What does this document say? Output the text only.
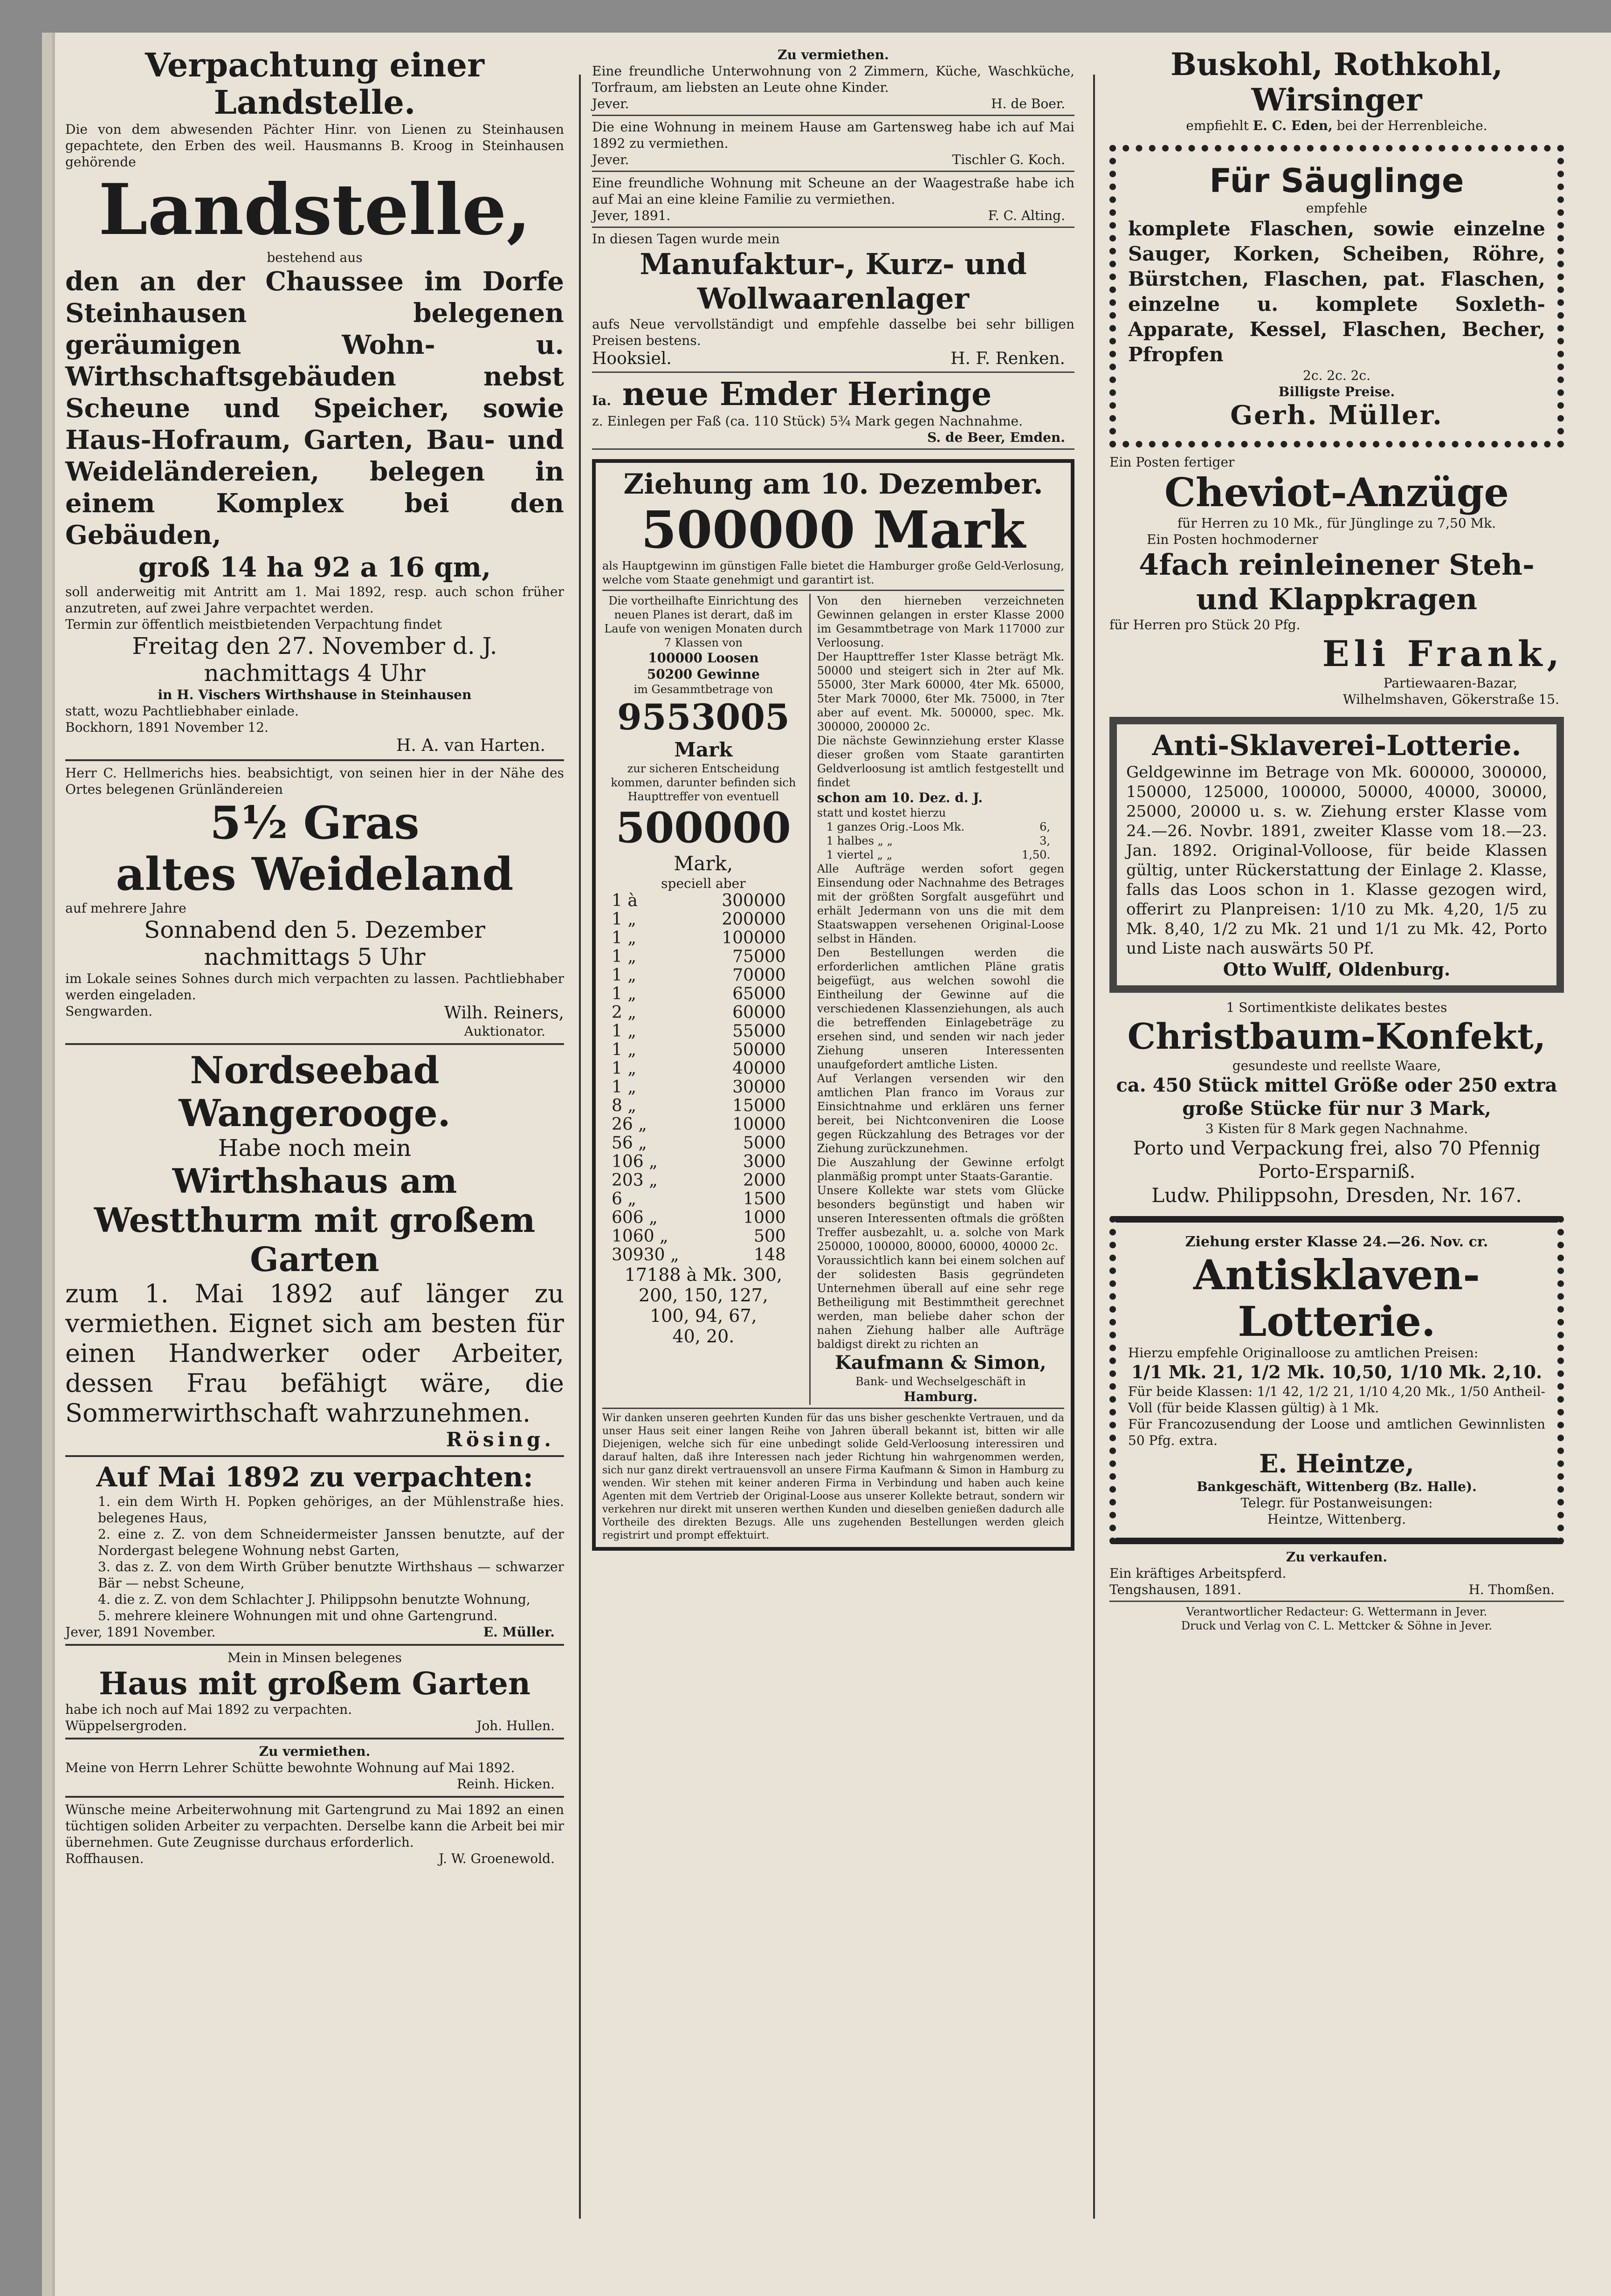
Verpachtung einer Landstelle.

Die von dem abwesenden Pächter Hinr. von Lienen zu Steinhausen gepachtete, den Erben des weil. Hausmanns B. Kroog in Steinhausen gehörende

Landstelle,

bestehend aus

den an der Chaussee im Dorfe Steinhausen belegenen geräumigen Wohn- u. Wirthschaftsgebäuden nebst Scheune und Speicher, sowie Haus-Hofraum, Garten, Bau- und Weideländereien, belegen in einem Komplex bei den Gebäuden,

groß 14 ha 92 a 16 qm,

soll anderweitig mit Antritt am 1. Mai 1892, resp. auch schon früher anzutreten, auf zwei Jahre verpachtet werden.

Termin zur öffentlich meistbietenden Verpachtung findet

Freitag den 27. November d. J.

nachmittags 4 Uhr

in H. Vischers Wirthshause in Steinhausen

statt, wozu Pachtliebhaber einlade.

Bockhorn, 1891 November 12.

H. A. van Harten.

Herr C. Hellmerichs hies. beabsichtigt, von seinen hier in der Nähe des Ortes belegenen Grünländereien

5½ Gras

altes Weideland

auf mehrere Jahre

Sonnabend den 5. Dezember

nachmittags 5 Uhr

im Lokale seines Sohnes durch mich verpachten zu lassen. Pachtliebhaber werden eingeladen.

Sengwarden.	Wilh. Reiners,

Auktionator.

Nordseebad Wangerooge.

Habe noch mein

Wirthshaus am Westthurm mit großem Garten

zum 1. Mai 1892 auf länger zu vermiethen. Eignet sich am besten für einen Handwerker oder Arbeiter, dessen Frau befähigt wäre, die Sommerwirthschaft wahrzunehmen.

Rösing.

Auf Mai 1892 zu verpachten:

1. ein dem Wirth H. Popken gehöriges, an der Mühlenstraße hies. belegenes Haus,

2. eine z. Z. von dem Schneidermeister Janssen benutzte, auf der Nordergast belegene Wohnung nebst Garten,

3. das z. Z. von dem Wirth Grüber benutzte Wirthshaus — schwarzer Bär — nebst Scheune,

4. die z. Z. von dem Schlachter J. Philippsohn benutzte Wohnung,

5. mehrere kleinere Wohnungen mit und ohne Gartengrund.

Jever, 1891 November.	E. Müller.

Mein in Minsen belegenes

Haus mit großem Garten

habe ich noch auf Mai 1892 zu verpachten.

Wüppelsergroden.	Joh. Hullen.

Zu vermiethen.

Meine von Herrn Lehrer Schütte bewohnte Wohnung auf Mai 1892.

Reinh. Hicken.

Wünsche meine Arbeiterwohnung mit Gartengrund zu Mai 1892 an einen tüchtigen soliden Arbeiter zu verpachten. Derselbe kann die Arbeit bei mir übernehmen. Gute Zeugnisse durchaus erforderlich.

Roffhausen.	J. W. Groenewold.

Zu vermiethen.

Eine freundliche Unterwohnung von 2 Zimmern, Küche, Waschküche, Torfraum, am liebsten an Leute ohne Kinder.

Jever.	H. de Boer.

Die eine Wohnung in meinem Hause am Gartensweg habe ich auf Mai 1892 zu vermiethen.

Jever.	Tischler G. Koch.

Eine freundliche Wohnung mit Scheune an der Waagestraße habe ich auf Mai an eine kleine Familie zu vermiethen.

Jever, 1891.	F. C. Alting.

In diesen Tagen wurde mein

Manufaktur-, Kurz- und Wollwaarenlager

aufs Neue vervollständigt und empfehle dasselbe bei sehr billigen Preisen bestens.

Hooksiel.	H. F. Renken.

Ia. neue Emder Heringe

z. Einlegen per Faß (ca. 110 Stück) 5¾ Mark gegen Nachnahme.

S. de Beer, Emden.

Ziehung am 10. Dezember.

500000 Mark

als Hauptgewinn im günstigen Falle bietet die Hamburger große Geld-Verlosung, welche vom Staate genehmigt und garantirt ist.

Die vortheilhafte Einrichtung des neuen Planes ist derart, daß im Laufe von wenigen Monaten durch 7 Klassen von

100000 Loosen

50200 Gewinne

im Gesammtbetrage von

9553005

Mark

zur sicheren Entscheidung kommen, darunter befinden sich Haupttreffer von eventuell

500000

Mark,

speciell aber

1 à	300000
1 „	200000
1 „	100000
1 „	75000
1 „	70000
1 „	65000
2 „	60000
1 „	55000
1 „	50000
1 „	40000
1 „	30000
8 „	15000
26 „	10000
56 „	5000
106 „	3000
203 „	2000
6 „	1500
606 „	1000
1060 „	500
30930 „	148

17188 à Mk. 300,

200, 150, 127,

100, 94, 67,

40, 20.

Von den hierneben verzeichneten Gewinnen gelangen in erster Klasse 2000 im Gesammtbetrage von Mark 117000 zur Verloosung.

Der Haupttreffer 1ster Klasse beträgt Mk. 50000 und steigert sich in 2ter auf Mk. 55000, 3ter Mark 60000, 4ter Mk. 65000, 5ter Mark 70000, 6ter Mk. 75000, in 7ter aber auf event. Mk. 500000, spec. Mk. 300000, 200000 2c.

Die nächste Gewinnziehung erster Klasse dieser großen vom Staate garantirten Geldverloosung ist amtlich festgestellt und findet

schon am 10. Dez. d. J.

statt und kostet hierzu

1 ganzes Orig.-Loos Mk.	6,
1 halbes „ „	3,
1 viertel „ „	1,50.

Alle Aufträge werden sofort gegen Einsendung oder Nachnahme des Betrages mit der größten Sorgfalt ausgeführt und erhält Jedermann von uns die mit dem Staatswappen versehenen Original-Loose selbst in Händen.

Den Bestellungen werden die erforderlichen amtlichen Pläne gratis beigefügt, aus welchen sowohl die Eintheilung der Gewinne auf die verschiedenen Klassenziehungen, als auch die betreffenden Einlagebeträge zu ersehen sind, und senden wir nach jeder Ziehung unseren Interessenten unaufgefordert amtliche Listen.

Auf Verlangen versenden wir den amtlichen Plan franco im Voraus zur Einsichtnahme und erklären uns ferner bereit, bei Nichtconveniren die Loose gegen Rückzahlung des Betrages vor der Ziehung zurückzunehmen.

Die Auszahlung der Gewinne erfolgt planmäßig prompt unter Staats-Garantie.

Unsere Kollekte war stets vom Glücke besonders begünstigt und haben wir unseren Interessenten oftmals die größten Treffer ausbezahlt, u. a. solche von Mark 250000, 100000, 80000, 60000, 40000 2c.

Voraussichtlich kann bei einem solchen auf der solidesten Basis gegründeten Unternehmen überall auf eine sehr rege Betheiligung mit Bestimmtheit gerechnet werden, man beliebe daher schon der nahen Ziehung halber alle Aufträge baldigst direkt zu richten an

Kaufmann & Simon,

Bank- und Wechselgeschäft in

Hamburg.

Wir danken unseren geehrten Kunden für das uns bisher geschenkte Vertrauen, und da unser Haus seit einer langen Reihe von Jahren überall bekannt ist, bitten wir alle Diejenigen, welche sich für eine unbedingt solide Geld-Verloosung interessiren und darauf halten, daß ihre Interessen nach jeder Richtung hin wahrgenommen werden, sich nur ganz direkt vertrauensvoll an unsere Firma Kaufmann & Simon in Hamburg zu wenden. Wir stehen mit keiner anderen Firma in Verbindung und haben auch keine Agenten mit dem Vertrieb der Original-Loose aus unserer Kollekte betraut, sondern wir verkehren nur direkt mit unseren werthen Kunden und dieselben genießen dadurch alle Vortheile des direkten Bezugs. Alle uns zugehenden Bestellungen werden gleich registrirt und prompt effektuirt.

Buskohl, Rothkohl, Wirsinger

empfiehlt E. C. Eden, bei der Herrenbleiche.

Für Säuglinge

empfehle

komplete Flaschen, sowie einzelne Sauger, Korken, Scheiben, Röhre, Bürstchen, Flaschen, pat. Flaschen, einzelne u. komplete Soxleth-Apparate, Kessel, Flaschen, Becher, Pfropfen

2c. 2c. 2c.

Billigste Preise.

Gerh. Müller.

Ein Posten fertiger

Cheviot-Anzüge

für Herren zu 10 Mk., für Jünglinge zu 7,50 Mk.

Ein Posten hochmoderner

4fach reinleinener Steh- und Klappkragen

für Herren pro Stück 20 Pfg.

Eli Frank,

Partiewaaren-Bazar,

Wilhelmshaven, Gökerstraße 15.

Anti-Sklaverei-Lotterie.

Geldgewinne im Betrage von Mk. 600000, 300000, 150000, 125000, 100000, 50000, 40000, 30000, 25000, 20000 u. s. w. Ziehung erster Klasse vom 24.—26. Novbr. 1891, zweiter Klasse vom 18.—23. Jan. 1892. Original-Volloose, für beide Klassen gültig, unter Rückerstattung der Einlage 2. Klasse, falls das Loos schon in 1. Klasse gezogen wird, offerirt zu Planpreisen: 1/10 zu Mk. 4,20, 1/5 zu Mk. 8,40, 1/2 zu Mk. 21 und 1/1 zu Mk. 42, Porto und Liste nach auswärts 50 Pf.

Otto Wulff, Oldenburg.

1 Sortimentkiste delikates bestes

Christbaum-Konfekt,

gesundeste und reellste Waare,

ca. 450 Stück mittel Größe oder 250 extra große Stücke für nur 3 Mark,

3 Kisten für 8 Mark gegen Nachnahme.

Porto und Verpackung frei, also 70 Pfennig Porto-Ersparniß.

Ludw. Philippsohn, Dresden, Nr. 167.

Ziehung erster Klasse 24.—26. Nov. cr.

Antisklaven-Lotterie.

Hierzu empfehle Originalloose zu amtlichen Preisen:

1/1 Mk. 21, 1/2 Mk. 10,50, 1/10 Mk. 2,10.

Für beide Klassen: 1/1 42, 1/2 21, 1/10 4,20 Mk., 1/50 Antheil-Voll (für beide Klassen gültig) à 1 Mk.

Für Francozusendung der Loose und amtlichen Gewinnlisten 50 Pfg. extra.

E. Heintze,

Bankgeschäft, Wittenberg (Bz. Halle).

Telegr. für Postanweisungen:

Heintze, Wittenberg.

Zu verkaufen.

Ein kräftiges Arbeitspferd.

Tengshausen, 1891.	H. Thomßen.

Verantwortlicher Redacteur: G. Wettermann in Jever.

Druck und Verlag von C. L. Mettcker & Söhne in Jever.
